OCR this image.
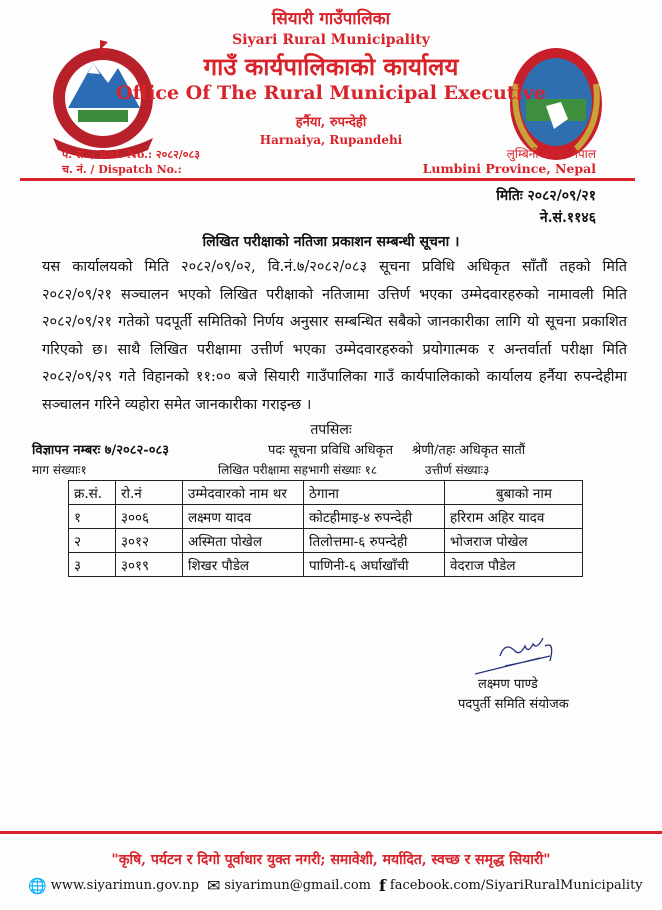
सियारी गाउँपालिका
Siyari Rural Municipality
गाउँ कार्यपालिकाको कार्यालय
Office Of The Rural Municipal Executive
हर्नैया, रुपन्देही
Harnaiya, Rupandehi
प. सं. / Ref. No.: २०८२/०८३
च. नं. / Dispatch No.:
लुम्बिनी प्रदेश, नेपाल
Lumbini Province, Nepal
मितिः २०८२/०९/२१
ने.सं.११४६
लिखित परीक्षाको नतिजा प्रकाशन सम्बन्धी सूचना ।
यस कार्यालयको मिति २०८२/०९/०२, वि.नं.७/२०८२/०८३ सूचना प्रविधि अधिकृत साँतौं तहको मिति २०८२/०९/२१ सञ्चालन भएको लिखित परीक्षाको नतिजामा उत्तिर्ण भएका उम्मेदवारहरुको नामावली मिति २०८२/०९/२१ गतेको पदपूर्ती समितिको निर्णय अनुसार सम्बन्धित सबैको जानकारीका लागि यो सूचना प्रकाशित गरिएको छ। साथै लिखित परीक्षामा उत्तीर्ण भएका उम्मेदवारहरुको प्रयोगात्मक र अन्तर्वार्ता परीक्षा मिति २०८२/०९/२९ गते विहानको ११:०० बजे सियारी गाउँपालिका गाउँ कार्यपालिकाको कार्यालय हर्नैया रुपन्देहीमा सञ्चालन गरिने व्यहोरा समेत जानकारीका गराइन्छ ।
तपसिलः
विज्ञापन नम्बरः ७/२०८२-०८३	पदः सूचना प्रविधि अधिकृत श्रेणी/तहः अधिकृत सातौं
माग संख्याः१	लिखित परीक्षामा सहभागी संख्याः १८	उत्तीर्ण संख्याः३
क्र.सं.	रो.नं	उम्मेदवारको नाम थर	ठेगाना	बुबाको नाम
१	३००६	लक्ष्मण यादव	कोटहीमाइ-४ रुपन्देही	हरिराम अहिर यादव
२	३०१२	अस्मिता पोखेल	तिलोत्तमा-६ रुपन्देही	भोजराज पोखेल
३	३०१९	शिखर पौडेल	पाणिनी-६ अर्घाखाँची	वेदराज पौडेल
लक्ष्मण पाण्डे
पदपुर्ती समिति संयोजक
"कृषि, पर्यटन र दिगो पूर्वाधार युक्त नगरी; समावेशी, मर्यादित, स्वच्छ र समृद्ध सियारी"
🌐 www.siyarimun.gov.np ✉ siyarimun@gmail.com f facebook.com/SiyariRuralMunicipality
